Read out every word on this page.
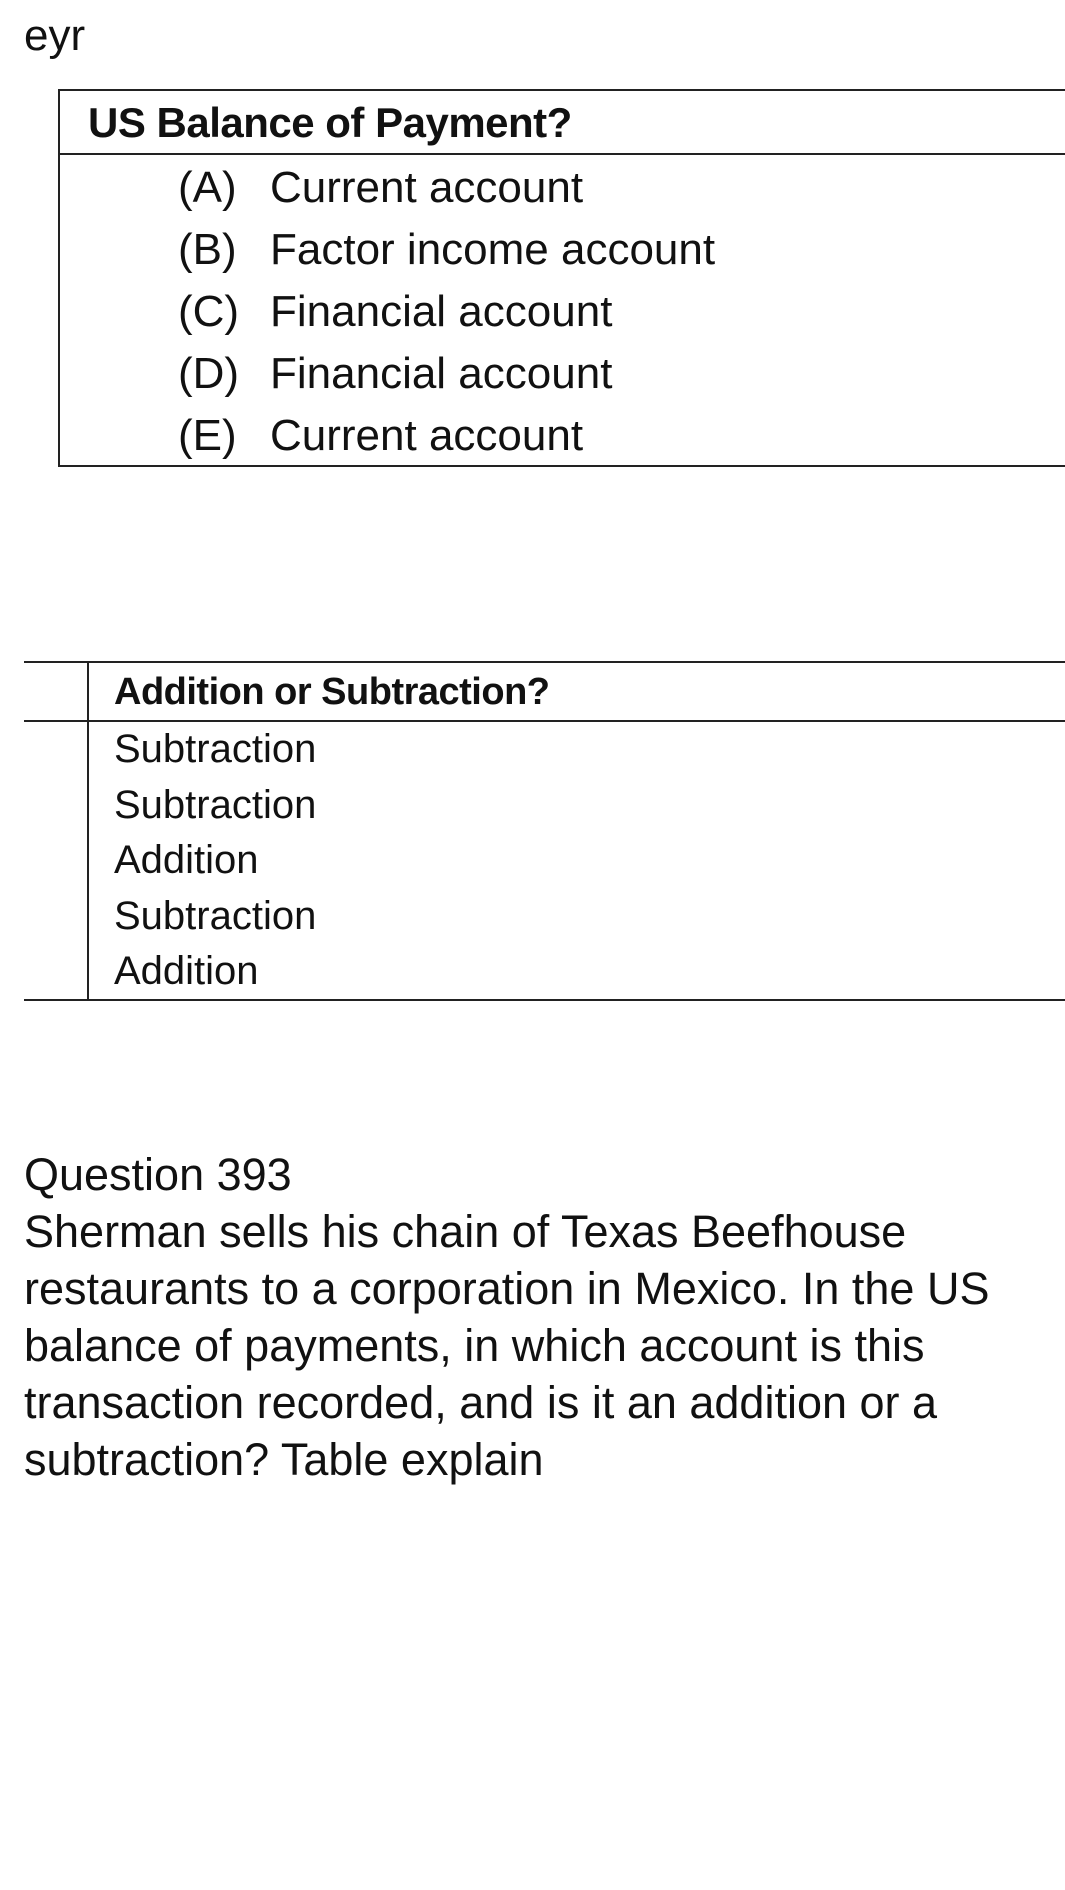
eyr
US Balance of Payment?
(A) Current account
(B) Factor income account
(C) Financial account
(D) Financial account
(E) Current account
Addition or Subtraction?
Subtraction
Subtraction
Addition
Subtraction
Addition
Question 393
Sherman sells his chain of Texas Beefhouse restaurants to a corporation in Mexico. In the US balance of payments, in which account is this transaction recorded, and is it an addition or a subtraction? Table explain
